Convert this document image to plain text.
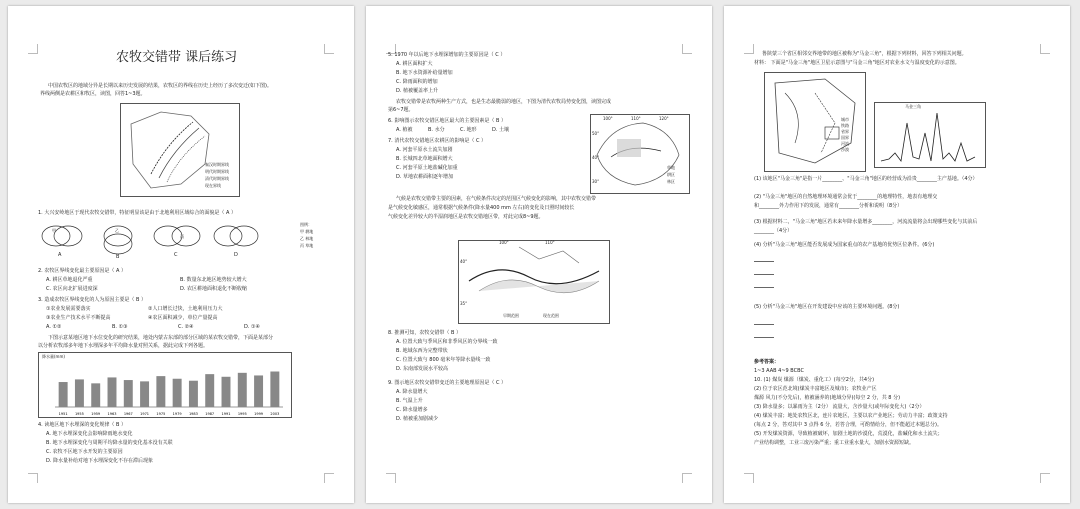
农牧交错带 课后练习
中国农牧区的地域分异是长期以来历史发展的结果，农牧区的界线在历史上经历了多次变迁(如下图)。
界线两侧是农耕区和牧区，读图，回答1~3题。
秦汉时期界线
明代时期界线
清代时期界线
现在界线
1. 大兴安岭地区于现代农牧交错带，特征明显该是由于北地利用区域综合的面貌是（ A ）
甲	乙
丙
A	B	C	D
图例：
甲 耕地
乙 林地
丙 草地
2. 农牧区界线变化最主要原因是（ A ）
A. 耕区草地退化严重	B. 数量东北地区地势较大增大
C. 农区向北扩展进度深	D. 农区耕地面积退化不断收缩
3. 造成农牧区界线变化的人为原因主要是（ B ）
①农业发展需要落实	②人口增长过快，土地利用压力大
③农业生产技术水平不断提高	④农区面积减少，单位产量提高
A. ①②	B. ①③	C. ②④	D. ①④
下图示意某地区地下水位变化的研究结果，地处内蒙古东部的部分区域的某农牧交错带，下面是某部分
以分析农牧部多年地下水埋深多年平均降水量对照关系，据此完成下列各题。
降水量(mm)
1951 1955 1959 1963 1967 1971 1975 1979 1983 1987 1991 1995 1999 2003
4. 读地区地下水埋深的变化规律（ B ）
A. 地下水埋深变化会影响降雨地水变化
B. 地下水埋深变化与周期平均降水量的变化基本没有关联
C. 农牧不区地下水开发的主要原因
D. 降水量补给对地下水埋深变化不存在滞后现象
5. 1970 年以后地下水埋深增加的主要原因是（ C ）
A. 耕区面积扩大
B. 地下水资源补给量增加
C. 降雨面积的增加
D. 植被覆盖率上升
农牧交错带是农牧两种生产方式，也是生态最脆弱的地区，下图为清代农牧局势变化图，读图完成
第6~7题。
6. 影响图示农牧交错区地区最大的主要因素是（ B ）
A. 植被	B. 水分	C. 地形	D. 土壤
7. 清代农牧交错地区农耕区的影响是（ C ）
A. 河套平原水土流失加剧
B. 长城四北草地面积增大
C. 河套平原土地盐碱化加重
D. 草地农耕面积逐年增加
100°	110°	120°
30°
40°
50°
草地
耕区
林区
气候是农牧交错带主要的因素，在气候条件决定的范围区气候变化的影响，其中农牧交错带
是气候变化敏感区，通常根据气候条件(降水量400 mm 左右)的变化及日照时间较长
气候变化差异较大的半湿润地区是农牧交错地区带，对此完成8~9题。
100°	110°
40°
35°
早期范围	现在范围
8. 推测可知，农牧交错带（ B ）
A. 位置大致与季风区和非季风区的分界线一致
B. 地域东西为完整带状
C. 位置大致与 800 毫米年等降水量线一致
D. 东南部发展水平较高
9. 图示地区农牧交错带变迁的主要地理原因是（ C ）
A. 降水量增大
B. 气温上升
C. 降水量增多
D. 植被重加剧减少
鲁陕蒙三个省区相邻交界地带的地区被称为"马金三角"，根据下列材料，回答下列相关问题。
材料： 下面是"马金三角"地区卫星示意图与"马金三角"地区对农业水文与温度变化的示意图。
城市
铁路
省界
国界
河流
沙漠
马金三角
(1) 该地区"马金三角"是指一片________、"马金三角"地区的经营成为沿贵________主产基地。（4分）
(2) "马金三角"地区的自然地理环境通常会优于________的地理特性，地表有地理交
和________外力作用下的发展，通常有________分析和说明（8分）
(3) 根据材料二，"马金三角"地区若未来年降水量增多________，河流流量将会出现哪些变化与其前后
________（4分）
(4) 分析"马金三角"地区能否发展成为国家重点的农产基地的优势区位条件。(6分)
(5) 分析"马金三角"地区在开发建设中应该的主要环境问题。(8分)
参考答案：
1~3 AAB 4~9 BCBC
10. (1) 煤炭 煤源（煤炭、重化工）(每空2分，共4分)
(2) 位于农区范北境(煤炭丰富地区及城市)；农牧业产区
煤源 风力(不分先后)，植被涵养的(地域分异)(每空 2 分，共 8 分)
(3) 降水量多；以暴雨为主（2分） 流量大，含沙量大(或年际变化大)（2分）
(4) 煤炭丰富；地处农牧区北，连片农地区，主要以农产业地区；劳动力丰富；政策支持
(每点 2 分，答对其中 3 点得 6 分，若答合理，可酌情给分，但不能超过本题总分)。
(5) 开发煤炭资源，导致植被破坏，加剧土地的沙漠化，荒漠化，盐碱化和水土流失；
产业结构调整，工业三废污染严重；重工业重水量大，加剧水资源短缺。
